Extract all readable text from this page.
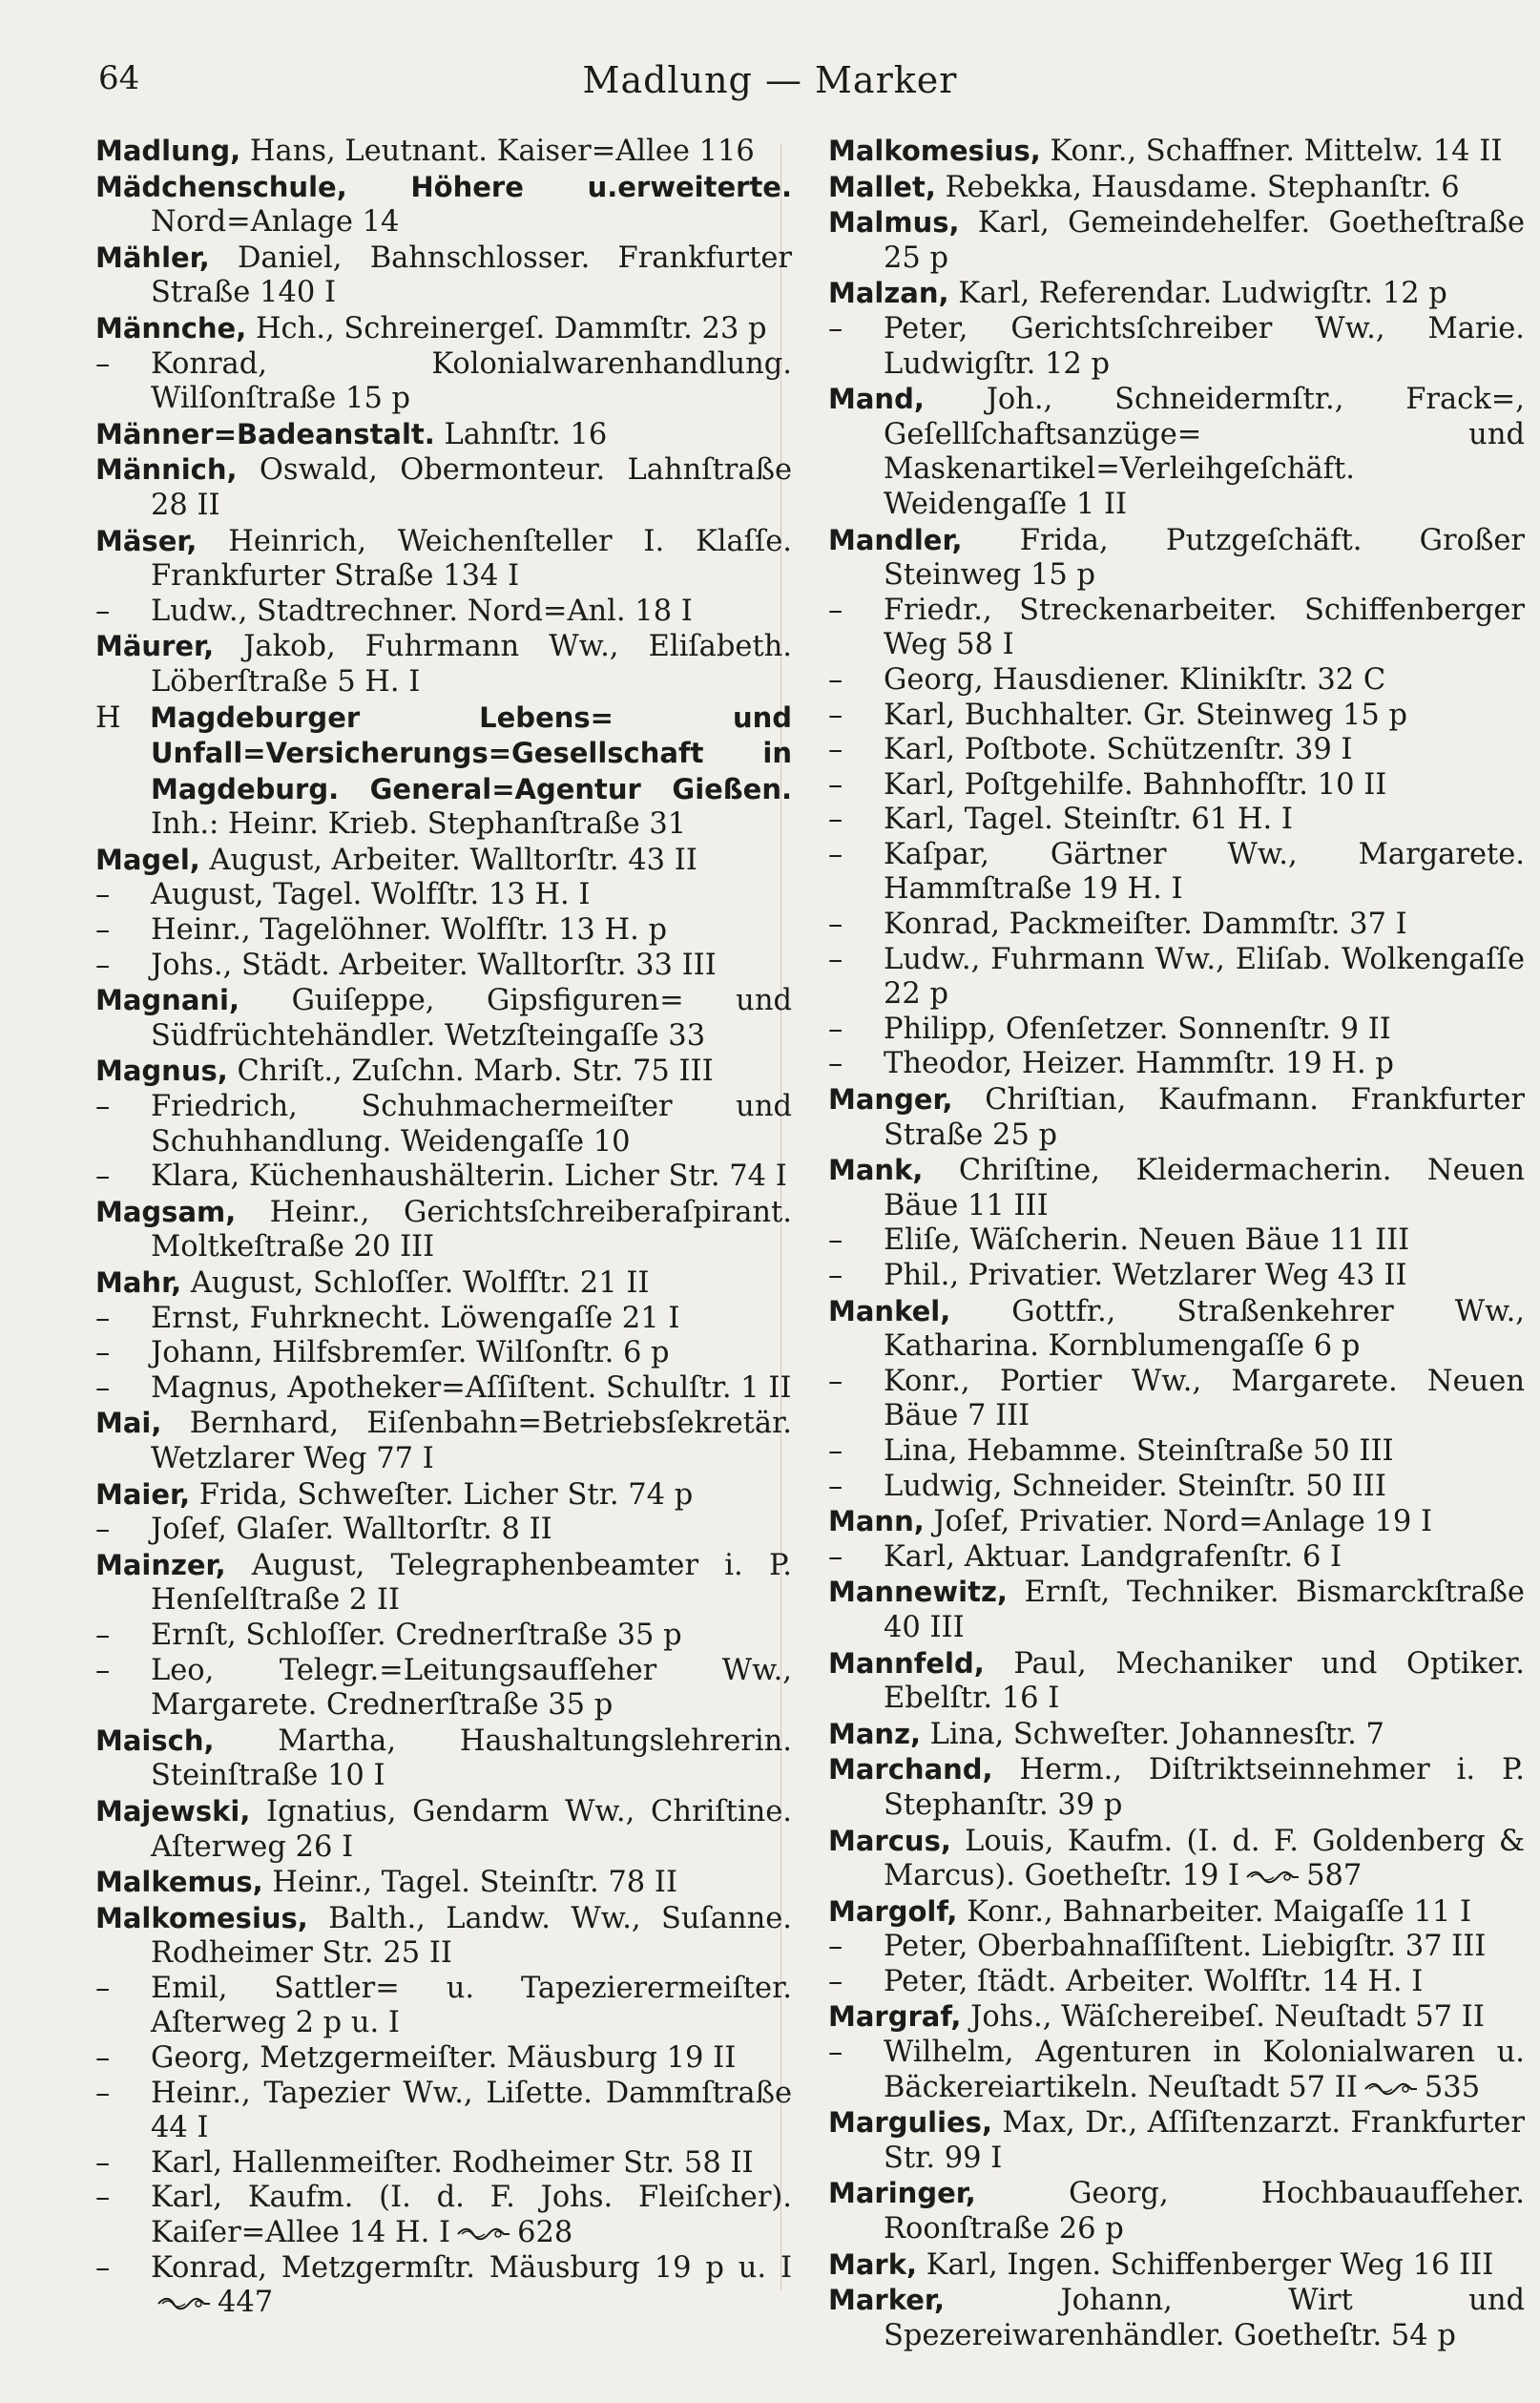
64	Madlung — Marker

Madlung, Hans, Leutnant. Kaiser=Allee 116

Mädchenschule, Höhere u.erweiterte. Nord=Anlage 14

Mähler, Daniel, Bahnschlosser. Frankfurter Straße 140 I

Männche, Hch., Schreinergeſ. Dammſtr. 23 p

– Konrad, Kolonialwarenhandlung. Wilſonſtraße 15 p

Männer=Badeanstalt. Lahnſtr. 16

Männich, Oswald, Obermonteur. Lahnſtraße 28 II

Mäser, Heinrich, Weichenſteller I. Klaſſe. Frankfurter Straße 134 I

– Ludw., Stadtrechner. Nord=Anl. 18 I

Mäurer, Jakob, Fuhrmann Ww., Eliſabeth. Löberſtraße 5 H. I

H  Magdeburger Lebens= und Unfall=Versicherungs=Gesellschaft in Magdeburg. General=Agentur Gießen. Inh.: Heinr. Krieb. Stephanſtraße 31

Magel, August, Arbeiter. Walltorſtr. 43 II

– August, Tagel. Wolfſtr. 13 H. I

– Heinr., Tagelöhner. Wolfſtr. 13 H. p

– Johs., Städt. Arbeiter. Walltorſtr. 33 III

Magnani, Guiſeppe, Gipsfiguren= und Südfrüchtehändler. Wetzſteingaſſe 33

Magnus, Chriſt., Zuſchn. Marb. Str. 75 III

– Friedrich, Schuhmachermeiſter und Schuhhandlung. Weidengaſſe 10

– Klara, Küchenhaushälterin. Licher Str. 74 I

Magsam, Heinr., Gerichtsſchreiberaſpirant. Moltkeſtraße 20 III

Mahr, August, Schloſſer. Wolfſtr. 21 II

– Ernst, Fuhrknecht. Löwengaſſe 21 I

– Johann, Hilfsbremſer. Wilſonſtr. 6 p

– Magnus, Apotheker=Aſſiſtent. Schulſtr. 1 II

Mai, Bernhard, Eiſenbahn=Betriebsſekretär. Wetzlarer Weg 77 I

Maier, Frida, Schweſter. Licher Str. 74 p

– Joſef, Glaſer. Walltorſtr. 8 II

Mainzer, August, Telegraphenbeamter i. P. Henſelſtraße 2 II

– Ernſt, Schloſſer. Crednerſtraße 35 p

– Leo, Telegr.=Leitungsaufſeher Ww., Margarete. Crednerſtraße 35 p

Maisch, Martha, Haushaltungslehrerin. Steinſtraße 10 I

Majewski, Ignatius, Gendarm Ww., Chriſtine. Aſterweg 26 I

Malkemus, Heinr., Tagel. Steinſtr. 78 II

Malkomesius, Balth., Landw. Ww., Suſanne. Rodheimer Str. 25 II

– Emil, Sattler= u. Tapezierermeiſter. Aſterweg 2 p u. I

– Georg, Metzgermeiſter. Mäusburg 19 II

– Heinr., Tapezier Ww., Liſette. Dammſtraße 44 I

– Karl, Hallenmeiſter. Rodheimer Str. 58 II

– Karl, Kaufm. (I. d. F. Johs. Fleiſcher). Kaiſer=Allee 14 H. I 628

– Konrad, Metzgermſtr. Mäusburg 19 p u. I
447

Malkomesius, Konr., Schaffner. Mittelw. 14 II

Mallet, Rebekka, Hausdame. Stephanſtr. 6

Malmus, Karl, Gemeindehelfer. Goetheſtraße 25 p

Malzan, Karl, Referendar. Ludwigſtr. 12 p

– Peter, Gerichtsſchreiber Ww., Marie. Ludwigſtr. 12 p

Mand, Joh., Schneidermſtr., Frack=, Geſellſchaftsanzüge= und Maskenartikel=Verleihgeſchäft. Weidengaſſe 1 II

Mandler, Frida, Putzgeſchäft. Großer Steinweg 15 p

– Friedr., Streckenarbeiter. Schiffenberger Weg 58 I

– Georg, Hausdiener. Klinikſtr. 32 C

– Karl, Buchhalter. Gr. Steinweg 15 p

– Karl, Poſtbote. Schützenſtr. 39 I

– Karl, Poſtgehilfe. Bahnhofſtr. 10 II

– Karl, Tagel. Steinſtr. 61 H. I

– Kaſpar, Gärtner Ww., Margarete. Hammſtraße 19 H. I

– Konrad, Packmeiſter. Dammſtr. 37 I

– Ludw., Fuhrmann Ww., Eliſab. Wolkengaſſe 22 p

– Philipp, Ofenſetzer. Sonnenſtr. 9 II

– Theodor, Heizer. Hammſtr. 19 H. p

Manger, Chriſtian, Kaufmann. Frankfurter Straße 25 p

Mank, Chriſtine, Kleidermacherin. Neuen Bäue 11 III

– Eliſe, Wäſcherin. Neuen Bäue 11 III

– Phil., Privatier. Wetzlarer Weg 43 II

Mankel, Gottfr., Straßenkehrer Ww., Katharina. Kornblumengaſſe 6 p

– Konr., Portier Ww., Margarete. Neuen Bäue 7 III

– Lina, Hebamme. Steinſtraße 50 III

– Ludwig, Schneider. Steinſtr. 50 III

Mann, Joſef, Privatier. Nord=Anlage 19 I

– Karl, Aktuar. Landgrafenſtr. 6 I

Mannewitz, Ernſt, Techniker. Bismarckſtraße 40 III

Mannfeld, Paul, Mechaniker und Optiker. Ebelſtr. 16 I

Manz, Lina, Schweſter. Johannesſtr. 7

Marchand, Herm., Diſtriktseinnehmer i. P. Stephanſtr. 39 p

Marcus, Louis, Kaufm. (I. d. F. Goldenberg & Marcus). Goetheſtr. 19 I 587

Margolf, Konr., Bahnarbeiter. Maigaſſe 11 I

– Peter, Oberbahnaſſiſtent. Liebigſtr. 37 III

– Peter, ſtädt. Arbeiter. Wolfſtr. 14 H. I

Margraf, Johs., Wäſchereibeſ. Neuſtadt 57 II

– Wilhelm, Agenturen in Kolonialwaren u. Bäckereiartikeln. Neuſtadt 57 II 535

Margulies, Max, Dr., Aſſiſtenzarzt. Frankfurter Str. 99 I

Maringer,	Georg, Hochbauaufſeher. Roonſtraße 26 p

Mark, Karl, Ingen. Schiffenberger Weg 16 III

Marker,	Johann, Wirt und Spezereiwarenhändler. Goetheſtr. 54 p
